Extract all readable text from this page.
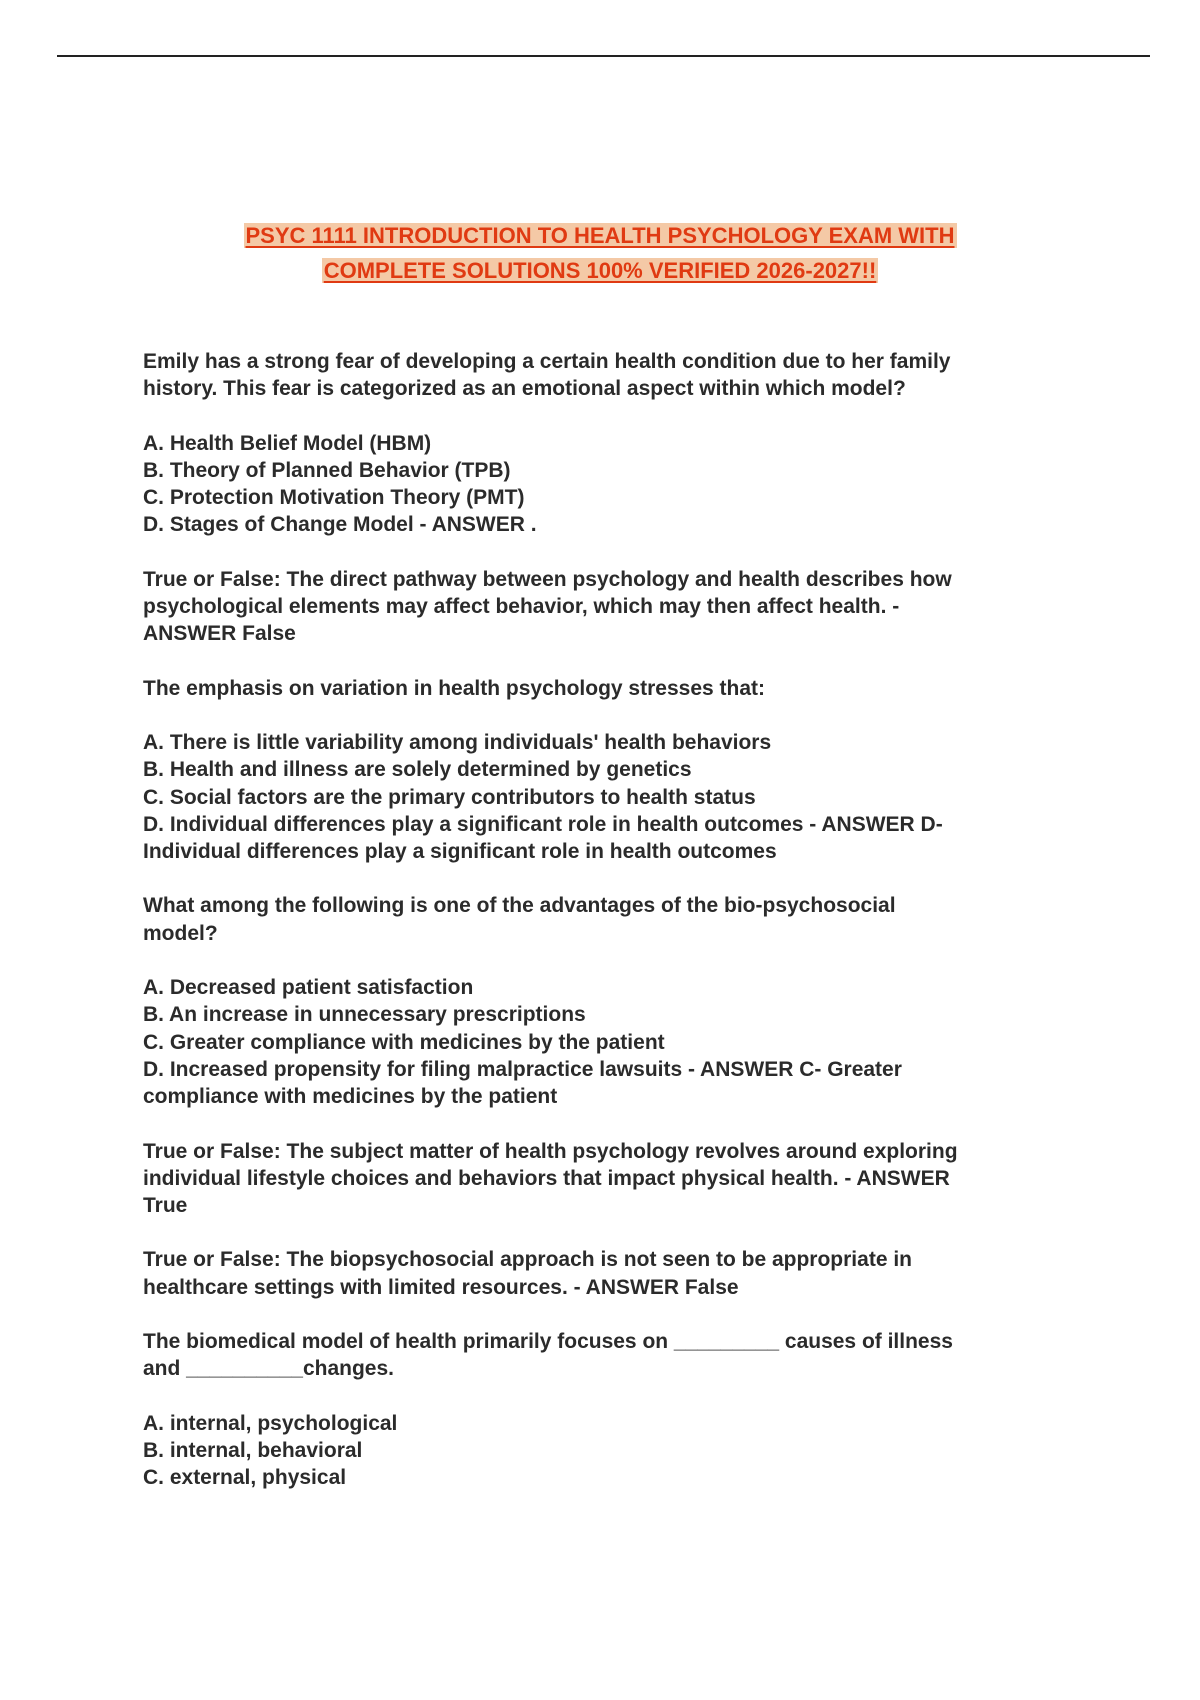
PSYC 1111 INTRODUCTION TO HEALTH PSYCHOLOGY EXAM WITH
COMPLETE SOLUTIONS 100% VERIFIED 2026-2027!!

Emily has a strong fear of developing a certain health condition due to her family
history. This fear is categorized as an emotional aspect within which model?

A. Health Belief Model (HBM)

B. Theory of Planned Behavior (TPB)

C. Protection Motivation Theory (PMT)

D. Stages of Change Model - ANSWER .

True or False: The direct pathway between psychology and health describes how
psychological elements may affect behavior, which may then affect health. -
ANSWER False

The emphasis on variation in health psychology stresses that:

A. There is little variability among individuals' health behaviors

B. Health and illness are solely determined by genetics

C. Social factors are the primary contributors to health status

D. Individual differences play a significant role in health outcomes - ANSWER D-
Individual differences play a significant role in health outcomes

What among the following is one of the advantages of the bio-psychosocial
model?

A. Decreased patient satisfaction

B. An increase in unnecessary prescriptions

C. Greater compliance with medicines by the patient

D. Increased propensity for filing malpractice lawsuits - ANSWER C- Greater
compliance with medicines by the patient

True or False: The subject matter of health psychology revolves around exploring
individual lifestyle choices and behaviors that impact physical health. - ANSWER
True

True or False: The biopsychosocial approach is not seen to be appropriate in
healthcare settings with limited resources. - ANSWER False

The biomedical model of health primarily focuses on _________ causes of illness
and __________changes.

A. internal, psychological

B. internal, behavioral

C. external, physical
